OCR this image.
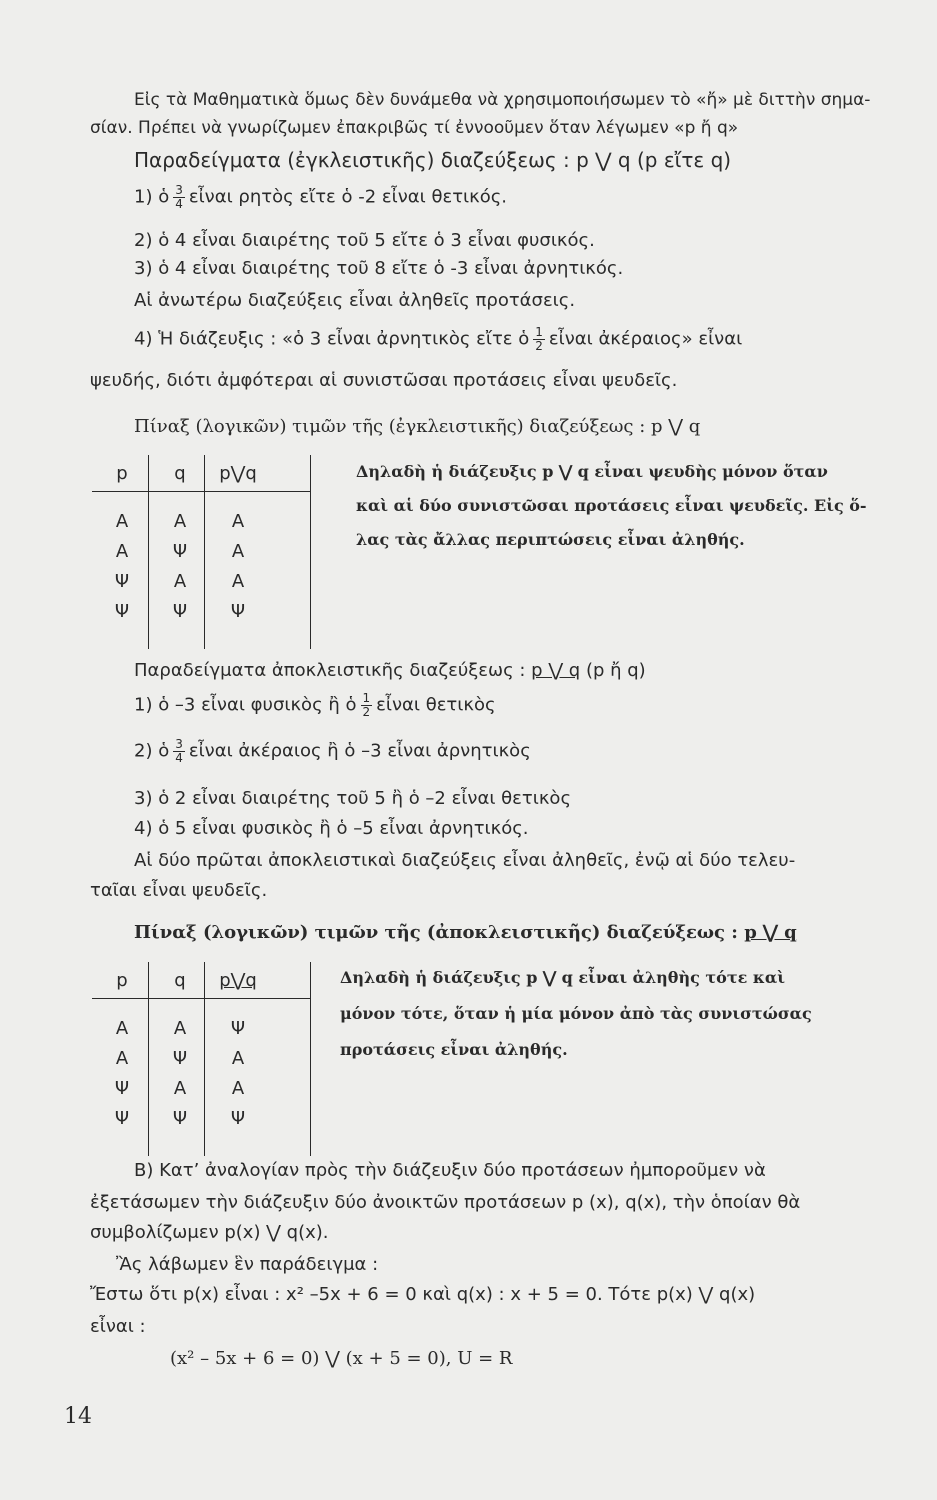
Εἰς τὰ Μαθηματικὰ ὅμως δὲν δυνάμεθα νὰ χρησιμοποιήσωμεν τὸ «ἤ» μὲ διττὴν σημα-
σίαν. Πρέπει νὰ γνωρίζωμεν ἐπακριβῶς τί ἐννοοῦμεν ὅταν λέγωμεν «p ἤ q»
Παραδείγματα (ἐγκλειστικῆς) διαζεύξεως : p ⋁ q (p εἴτε q)
1) ὁ $\frac{3}{4}$ εἶναι ρητὸς εἴτε ὁ -2 εἶναι θετικός.
2) ὁ 4 εἶναι διαιρέτης τοῦ 5 εἴτε ὁ 3 εἶναι φυσικός.
3) ὁ 4 εἶναι διαιρέτης τοῦ 8 εἴτε ὁ -3 εἶναι ἀρνητικός.
Αἱ ἀνωτέρω διαζεύξεις εἶναι ἀληθεῖς προτάσεις.
4) Ἡ διάζευξις : «ὁ 3 εἶναι ἀρνητικὸς εἴτε ὁ $\frac{1}{2}$ εἶναι ἀκέραιος» εἶναι
ψευδής, διότι ἀμφότεραι αἱ συνιστῶσαι προτάσεις εἶναι ψευδεῖς.
Πίναξ (λογικῶν) τιμῶν τῆς (ἐγκλειστικῆς) διαζεύξεως : p ⋁ q
p	q	p⋁q
Α	Α	Α
Α	Ψ	Α
Ψ	Α	Α
Ψ	Ψ	Ψ
Δηλαδὴ ἡ διάζευξις p ⋁ q εἶναι ψευδὴς μόνον ὅταν
καὶ αἱ δύο συνιστῶσαι προτάσεις εἶναι ψευδεῖς. Εἰς ὅ-
λας τὰς ἄλλας περιπτώσεις εἶναι ἀληθής.
Παραδείγματα ἀποκλειστικῆς διαζεύξεως : p ⋁ q (p ἤ q)
1) ὁ –3 εἶναι φυσικὸς ἢ ὁ $\frac{1}{2}$ εἶναι θετικὸς
2) ὁ $\frac{3}{4}$ εἶναι ἀκέραιος ἢ ὁ –3 εἶναι ἀρνητικὸς
3) ὁ 2 εἶναι διαιρέτης τοῦ 5 ἢ ὁ –2 εἶναι θετικὸς
4) ὁ 5 εἶναι φυσικὸς ἢ ὁ –5 εἶναι ἀρνητικός.
Αἱ δύο πρῶται ἀποκλειστικαὶ διαζεύξεις εἶναι ἀληθεῖς, ἐνῷ αἱ δύο τελευ-
ταῖαι εἶναι ψευδεῖς.
Πίναξ (λογικῶν) τιμῶν τῆς (ἀποκλειστικῆς) διαζεύξεως : p ⋁ q
p	q	p⋁q
Α	Α	Ψ
Α	Ψ	Α
Ψ	Α	Α
Ψ	Ψ	Ψ
Δηλαδὴ ἡ διάζευξις p ⋁ q εἶναι ἀληθὴς τότε καὶ
μόνον τότε, ὅταν ἡ μία μόνον ἀπὸ τὰς συνιστώσας
προτάσεις εἶναι ἀληθής.
Β) Κατ’ ἀναλογίαν πρὸς τὴν διάζευξιν δύο προτάσεων ἠμποροῦμεν νὰ
ἐξετάσωμεν τὴν διάζευξιν δύο ἀνοικτῶν προτάσεων p (x), q(x), τὴν ὁποίαν θὰ
συμβολίζωμεν p(x) ⋁ q(x).
Ἂς λάβωμεν ἓν παράδειγμα :
Ἔστω ὅτι p(x) εἶναι : x² –5x + 6 = 0 καὶ q(x) : x + 5 = 0. Τότε p(x) ⋁ q(x)
εἶναι :
(x² – 5x + 6 = 0) ⋁ (x + 5 = 0), U = R
14
